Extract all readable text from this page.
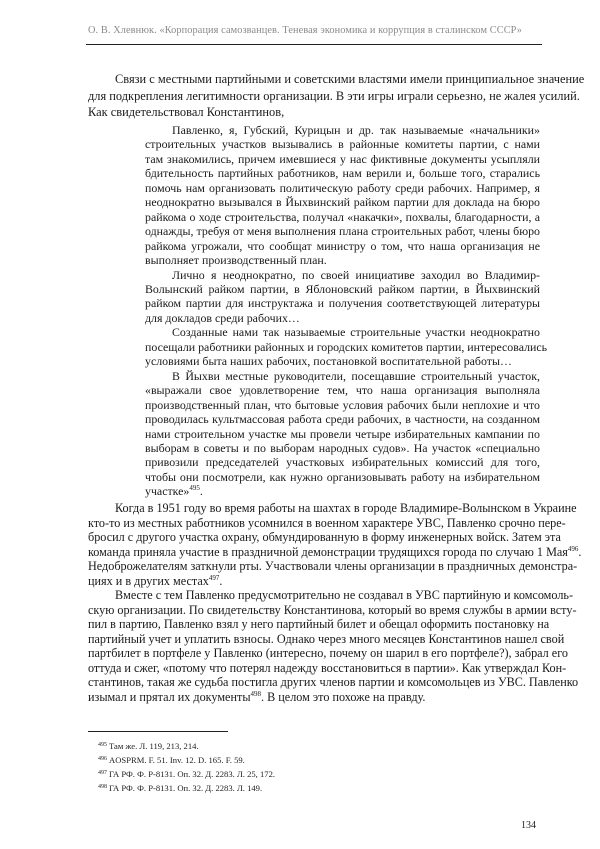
О. В. Хлевнюк. «Корпорация самозванцев. Теневая экономика и коррупция в сталинском СССР»
Связи с местными партийными и советскими властями имели принципиальное значение
для подкрепления легитимности организации. В эти игры играли серьезно, не жалея усилий.
Как свидетельствовал Константинов,
Павленко, я, Губский, Курицын и др. так называемые «начальники»
строительных участков вызывались в районные комитеты партии, с нами
там знакомились, причем имевшиеся у нас фиктивные документы усыпляли
бдительность партийных работников, нам верили и, больше того, старались
помочь нам организовать политическую работу среди рабочих. Например, я
неоднократно вызывался в Йыхвинский райком партии для доклада на бюро
райкома о ходе строительства, получал «накачки», похвалы, благодарности, а
однажды, требуя от меня выполнения плана строительных работ, члены бюро
райкома угрожали, что сообщат министру о том, что наша организация не
выполняет производственный план.
Лично я неоднократно, по своей инициативе заходил во Владимир-
Волынский райком партии, в Яблоновский райком партии, в Йыхвинский
райком партии для инструктажа и получения соответствующей литературы
для докладов среди рабочих…
Созданные нами так называемые строительные участки неоднократно
посещали работники районных и городских комитетов партии, интересовались
условиями быта наших рабочих, постановкой воспитательной работы…
В Йыхви местные руководители, посещавшие строительный участок,
«выражали свое удовлетворение тем, что наша организация выполняла
производственный план, что бытовые условия рабочих были неплохие и что
проводилась культмассовая работа среди рабочих, в частности, на созданном
нами строительном участке мы провели четыре избирательных кампании по
выборам в советы и по выборам народных судов». На участок «специально
привозили председателей участковых избирательных комиссий для того,
чтобы они посмотрели, как нужно организовывать работу на избирательном
участке»$^{495}$.
Когда в 1951 году во время работы на шахтах в городе Владимире-Волынском в Украине
кто-то из местных работников усомнился в военном характере УВС, Павленко срочно пере-
бросил с другого участка охрану, обмундированную в форму инженерных войск. Затем эта
команда приняла участие в праздничной демонстрации трудящихся города по случаю 1 Мая$^{496}$.
Недоброжелателям заткнули рты. Участвовали члены организации в праздничных демонстра-
циях и в других местах$^{497}$.
Вместе с тем Павленко предусмотрительно не создавал в УВС партийную и комсомоль-
скую организации. По свидетельству Константинова, который во время службы в армии всту-
пил в партию, Павленко взял у него партийный билет и обещал оформить постановку на
партийный учет и уплатить взносы. Однако через много месяцев Константинов нашел свой
партбилет в портфеле у Павленко (интересно, почему он шарил в его портфеле?), забрал его
оттуда и сжег, «потому что потерял надежду восстановиться в партии». Как утверждал Кон-
стантинов, такая же судьба постигла других членов партии и комсомольцев из УВС. Павленко
изымал и прятал их документы$^{498}$. В целом это похоже на правду.
$^{495}$ Там же. Л. 119, 213, 214.
$^{496}$ AOSPRM. F. 51. Inv. 12. D. 165. F. 59.
$^{497}$ ГА РФ. Ф. Р-8131. Оп. 32. Д. 2283. Л. 25, 172.
$^{498}$ ГА РФ. Ф. Р-8131. Оп. 32. Д. 2283. Л. 149.
134
